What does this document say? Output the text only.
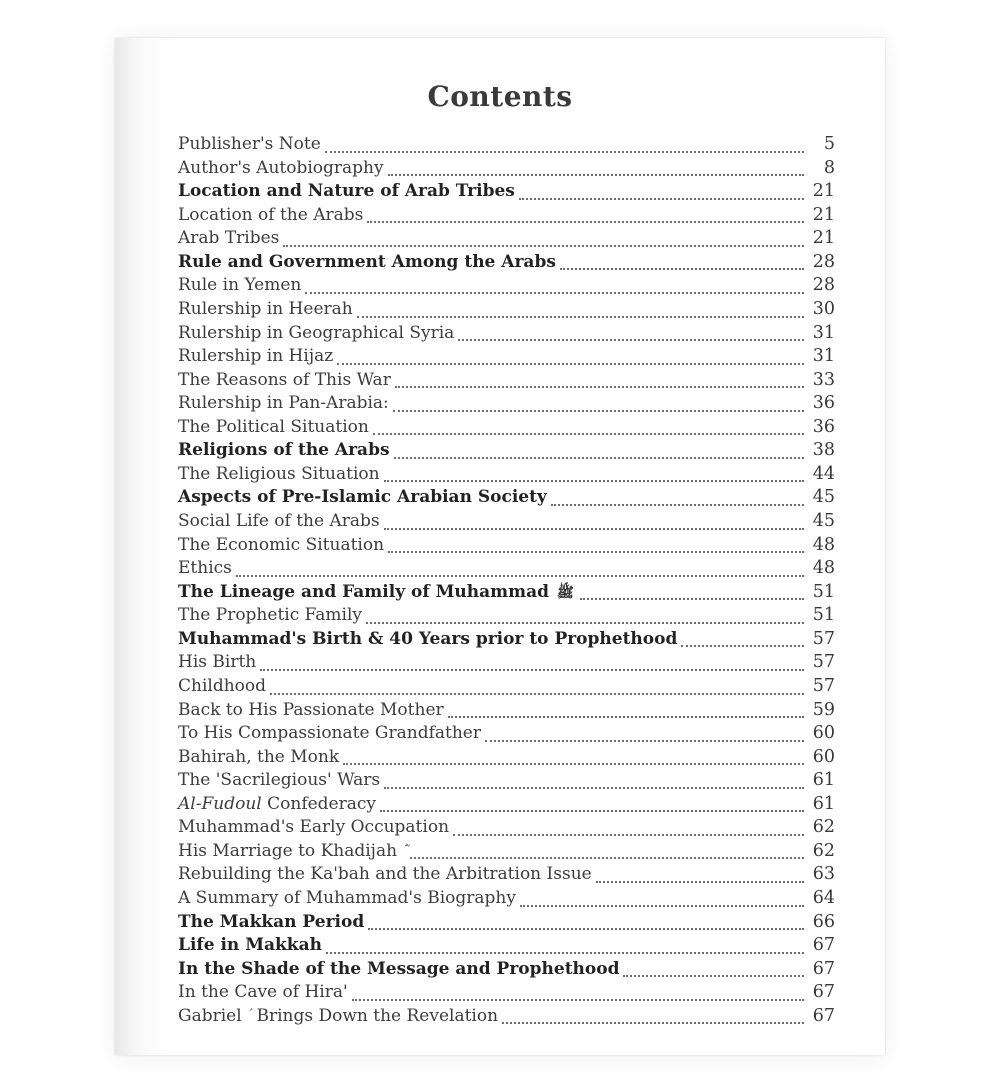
Contents
Publisher's Note	5
Author's Autobiography	8
Location and Nature of Arab Tribes	21
Location of the Arabs	21
Arab Tribes	21
Rule and Government Among the Arabs	28
Rule in Yemen	28
Rulership in Heerah	30
Rulership in Geographical Syria	31
Rulership in Hijaz	31
The Reasons of This War	33
Rulership in Pan-Arabia:	36
The Political Situation	36
Religions of the Arabs	38
The Religious Situation	44
Aspects of Pre-Islamic Arabian Society	45
Social Life of the Arabs	45
The Economic Situation	48
Ethics	48
The Lineage and Family of Muhammad ﷺ	51
The Prophetic Family	51
Muhammad's Birth & 40 Years prior to Prophethood	57
His Birth	57
Childhood	57
Back to His Passionate Mother	59
To His Compassionate Grandfather	60
Bahirah, the Monk	60
The 'Sacrilegious' Wars	61
Al-Fudoul Confederacy	61
Muhammad's Early Occupation	62
His Marriage to Khadijah	62
Rebuilding the Ka'bah and the Arbitration Issue	63
A Summary of Muhammad's Biography	64
The Makkan Period	66
Life in Makkah	67
In the Shade of the Message and Prophethood	67
In the Cave of Hira'	67
Gabriel Brings Down the Revelation	67
